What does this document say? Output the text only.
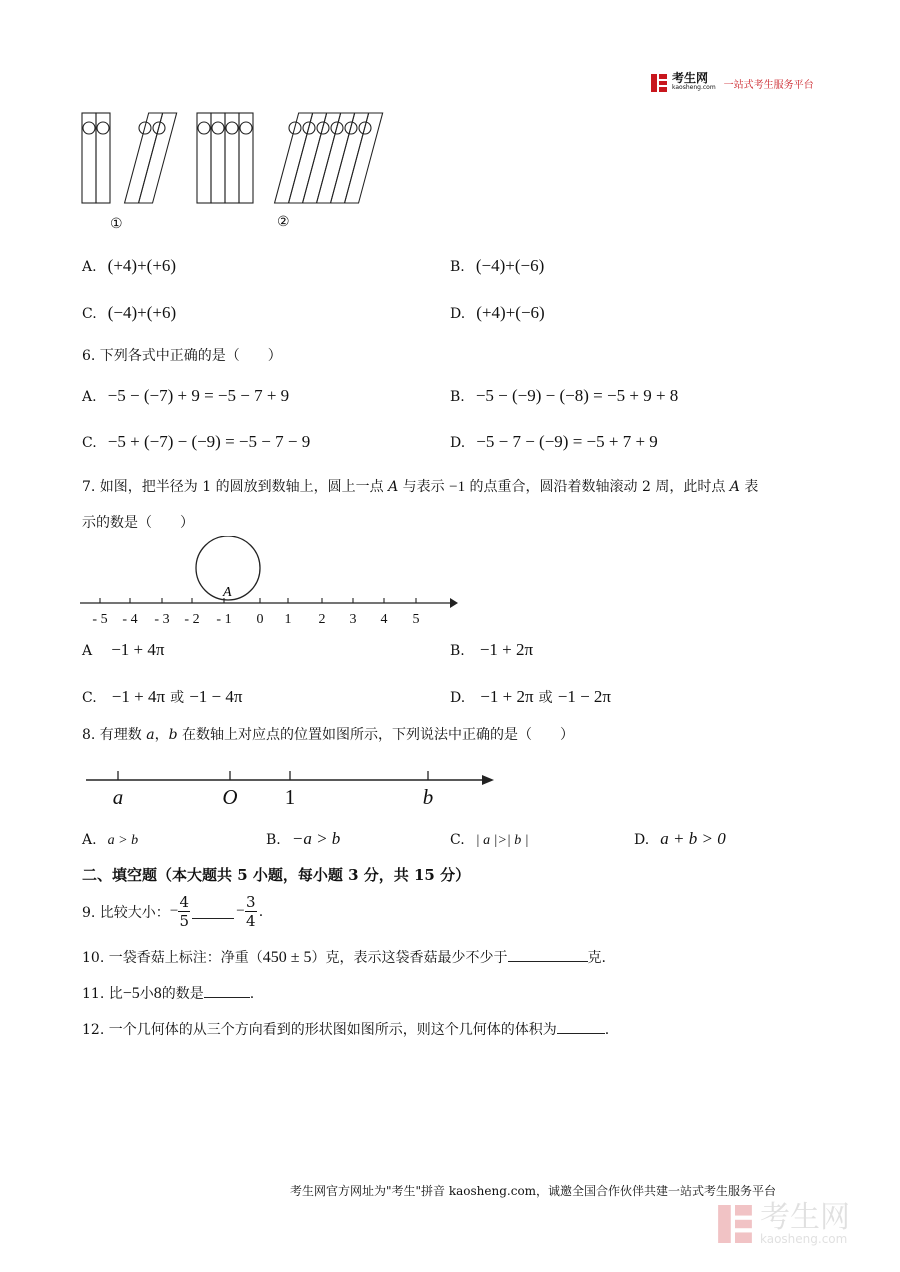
考生网
kaosheng.com 一站式考生服务平台
①	②
A. (+4)+(+6)	B. (−4)+(−6)
C. (−4)+(+6)	D. (+4)+(−6)
6. 下列各式中正确的是（　　）
A. −5 − (−7) + 9 = −5 − 7 + 9	B. −5 − (−9) − (−8) = −5 + 9 + 8
C. −5 + (−7) − (−9) = −5 − 7 − 9	D. −5 − 7 − (−9) = −5 + 7 + 9
7. 如图，把半径为 1 的圆放到数轴上，圆上一点 A 与表示 −1 的点重合，圆沿着数轴滚动 2 周，此时点 A 表
示的数是（　　）
- 5 - 4 - 3 - 2 - 1 0 1 2 3 4 5
A
A −1 + 4π	B. −1 + 2π
C. −1 + 4π 或 −1 − 4π	D. −1 + 2π 或 −1 − 2π
8. 有理数 a，b 在数轴上对应点的位置如图所示，下列说法中正确的是（　　）
a	O 1	b
A. a > b	B. −a > b	C. | a |>| b |	D. a + b > 0
二、填空题（本大题共 5 小题，每小题 3 分，共 15 分）
9. 比较大小： − $\frac{4}{5}$	− $\frac{3}{4}$ .
10. 一袋香菇上标注：净重（450 ± 5）克，表示这袋香菇最少不少于	克.
11. 比−5小8的数是	.
12. 一个几何体的从三个方向看到的形状图如图所示，则这个几何体的体积为	.
考生网官方网址为"考生"拼音 kaosheng.com，诚邀全国合作伙伴共建一站式考生服务平台
考生网
kaosheng.com
